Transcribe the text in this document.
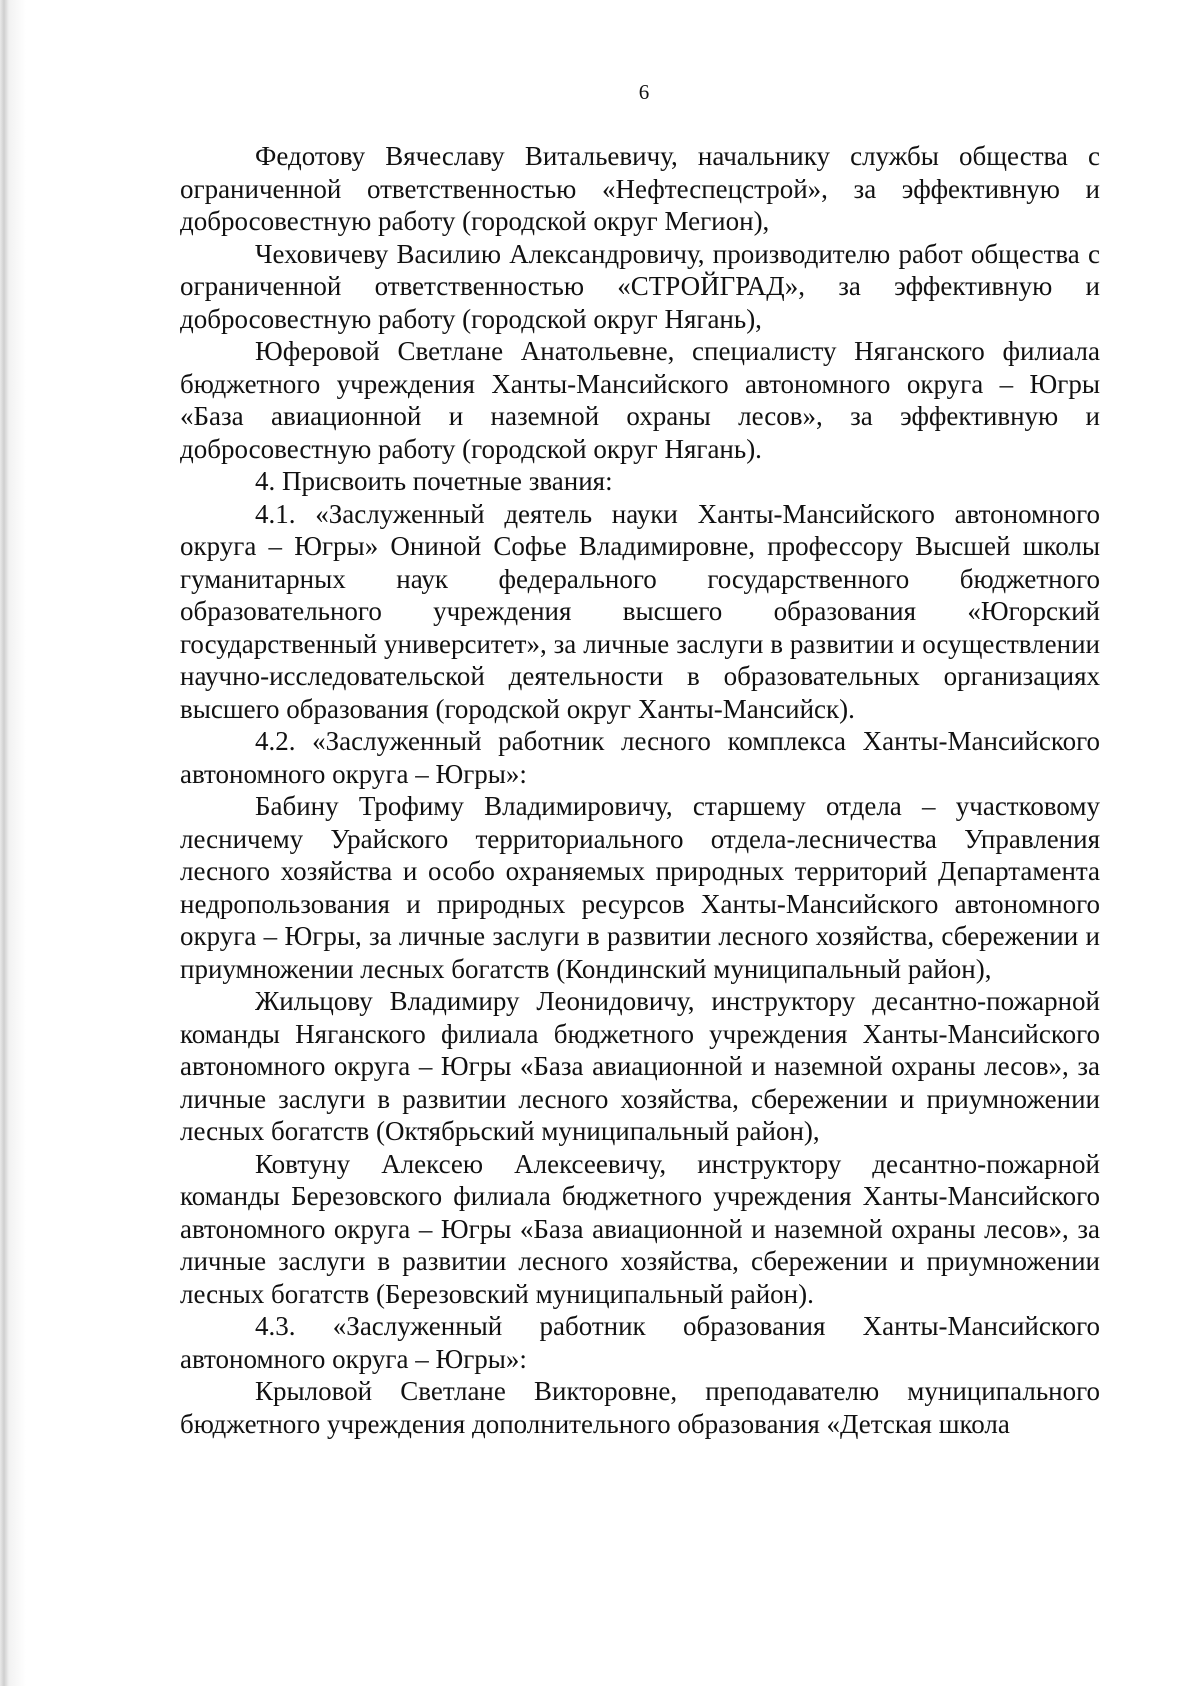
6

Федотову Вячеславу Витальевичу, начальнику службы общества с ограниченной ответственностью «Нефтеспецстрой», за эффективную и добросовестную работу (городской округ Мегион),

Чеховичеву Василию Александровичу, производителю работ общества с ограниченной ответственностью «СТРОЙГРАД», за эффективную и добросовестную работу (городской округ Нягань),

Юферовой Светлане Анатольевне, специалисту Няганского филиала бюджетного учреждения Ханты-Мансийского автономного округа – Югры «База авиационной и наземной охраны лесов», за эффективную и добросовестную работу (городской округ Нягань).

4. Присвоить почетные звания:

4.1. «Заслуженный деятель науки Ханты-Мансийского автономного округа – Югры» Ониной Софье Владимировне, профессору Высшей школы гуманитарных наук федерального государственного бюджетного образовательного учреждения высшего образования «Югорский государственный университет», за личные заслуги в развитии и осуществлении научно-исследовательской деятельности в образовательных организациях высшего образования (городской округ Ханты-Мансийск).

4.2. «Заслуженный работник лесного комплекса Ханты-Мансийского автономного округа – Югры»:

Бабину Трофиму Владимировичу, старшему отдела – участковому лесничему Урайского территориального отдела-лесничества Управления лесного хозяйства и особо охраняемых природных территорий Департамента недропользования и природных ресурсов Ханты-Мансийского автономного округа – Югры, за личные заслуги в развитии лесного хозяйства, сбережении и приумножении лесных богатств (Кондинский муниципальный район),

Жильцову Владимиру Леонидовичу, инструктору десантно-пожарной команды Няганского филиала бюджетного учреждения Ханты-Мансийского автономного округа – Югры «База авиационной и наземной охраны лесов», за личные заслуги в развитии лесного хозяйства, сбережении и приумножении лесных богатств (Октябрьский муниципальный район),

Ковтуну Алексею Алексеевичу, инструктору десантно-пожарной команды Березовского филиала бюджетного учреждения Ханты-Мансийского автономного округа – Югры «База авиационной и наземной охраны лесов», за личные заслуги в развитии лесного хозяйства, сбережении и приумножении лесных богатств (Березовский муниципальный район).

4.3. «Заслуженный работник образования Ханты-Мансийского автономного округа – Югры»:

Крыловой Светлане Викторовне, преподавателю муниципального бюджетного учреждения дополнительного образования «Детская школа
